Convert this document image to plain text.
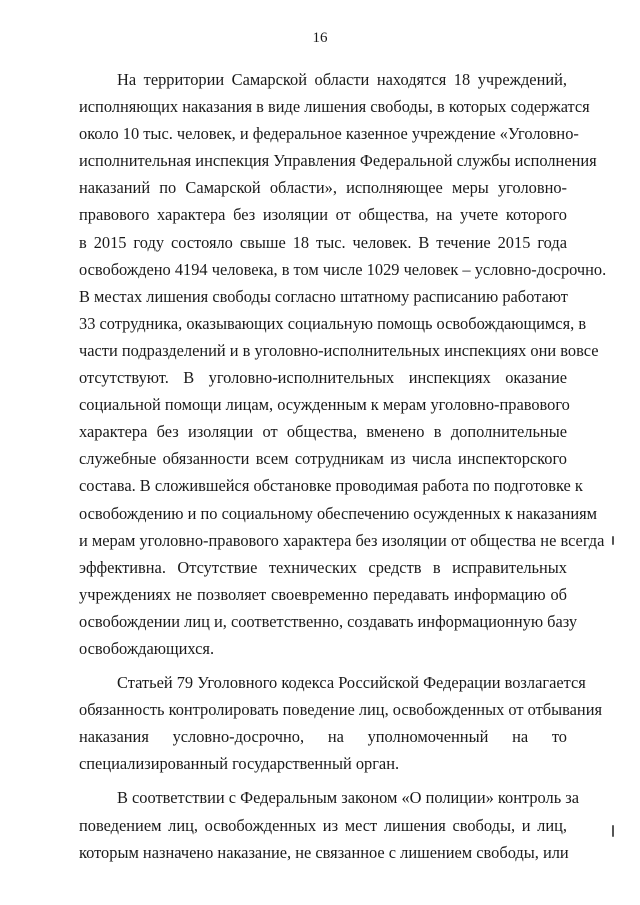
16

На территории Самарской области находятся 18 учреждений,
исполняющих наказания в виде лишения свободы, в которых содержатся
около 10 тыс. человек, и федеральное казенное учреждение «Уголовно-
исполнительная инспекция Управления Федеральной службы исполнения
наказаний по Самарской области», исполняющее меры уголовно-
правового характера без изоляции от общества, на учете которого
в 2015 году состояло свыше 18 тыс. человек. В течение 2015 года
освобождено 4194 человека, в том числе 1029 человек – условно-досрочно.
В местах лишения свободы согласно штатному расписанию работают
33 сотрудника, оказывающих социальную помощь освобождающимся, в
части подразделений и в уголовно-исполнительных инспекциях они вовсе
отсутствуют. В уголовно-исполнительных инспекциях оказание
социальной помощи лицам, осужденным к мерам уголовно-правового
характера без изоляции от общества, вменено в дополнительные
служебные обязанности всем сотрудникам из числа инспекторского
состава. В сложившейся обстановке проводимая работа по подготовке к
освобождению и по социальному обеспечению осужденных к наказаниям
и мерам уголовно-правового характера без изоляции от общества не всегда
эффективна. Отсутствие технических средств в исправительных
учреждениях не позволяет своевременно передавать информацию об
освобождении лиц и, соответственно, создавать информационную базу
освобождающихся.

Статьей 79 Уголовного кодекса Российской Федерации возлагается
обязанность контролировать поведение лиц, освобожденных от отбывания
наказания условно-досрочно, на уполномоченный на то
специализированный государственный орган.

В соответствии с Федеральным законом «О полиции» контроль за
поведением лиц, освобожденных из мест лишения свободы, и лиц,
которым назначено наказание, не связанное с лишением свободы, или
